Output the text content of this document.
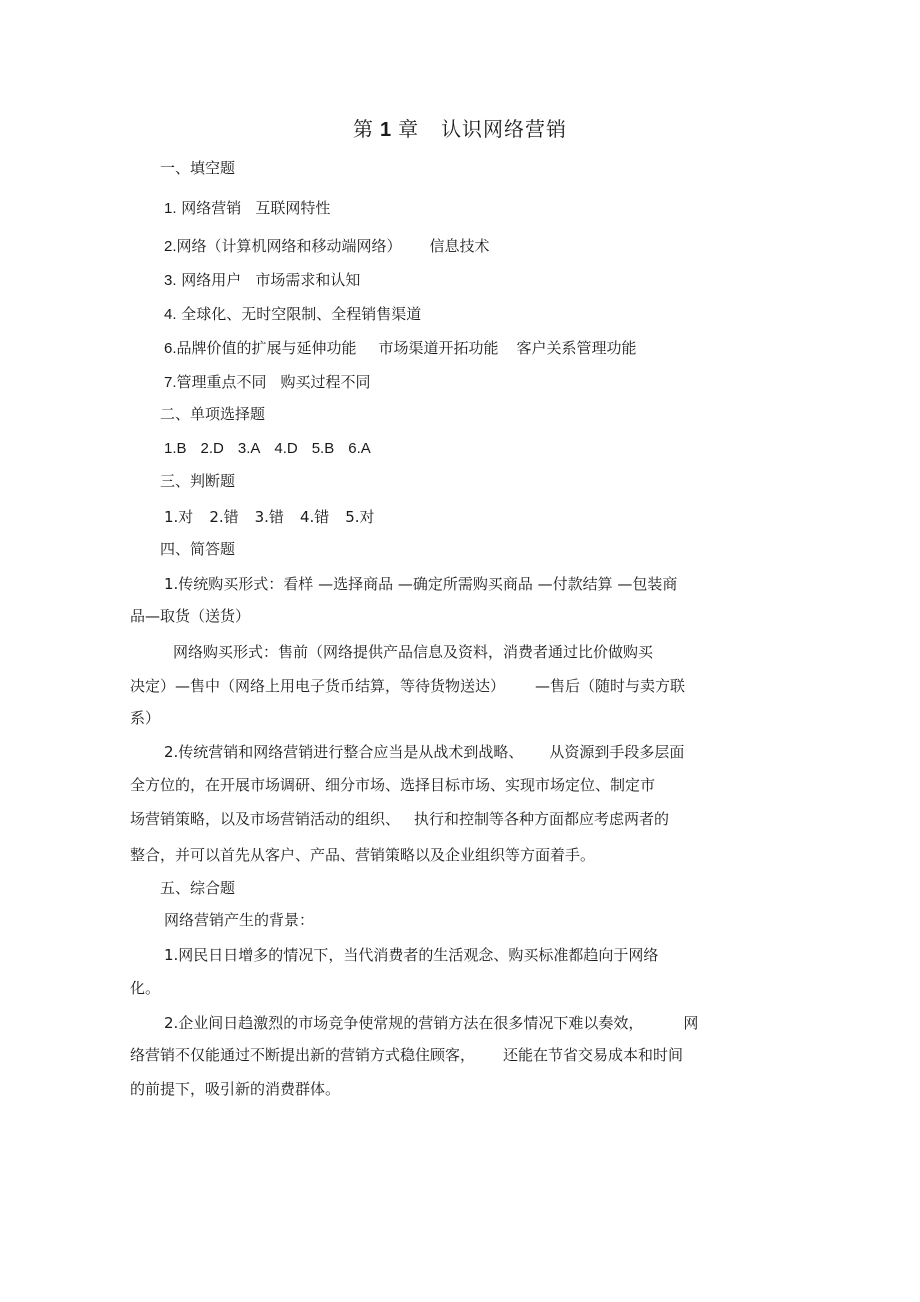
第 1 章 认识网络营销
一、填空题
1. 网络营销 互联网特性
2.网络（计算机网络和移动端网络） 信息技术
3. 网络用户 市场需求和认知
4. 全球化、无时空限制、全程销售渠道
6.品牌价值的扩展与延伸功能 市场渠道开拓功能 客户关系管理功能
7.管理重点不同 购买过程不同
二、单项选择题
1.B 2.D 3.A 4.D 5.B 6.A
三、判断题
1.对 2.错 3.错 4.错 5.对
四、简答题
1.传统购买形式：看样 —选择商品 —确定所需购买商品 —付款结算 —包装商
品—取货（送货）
网络购买形式：售前（网络提供产品信息及资料，消费者通过比价做购买
决定）—售中（网络上用电子货币结算，等待货物送达） —售后（随时与卖方联
系）
2.传统营销和网络营销进行整合应当是从战术到战略、 从资源到手段多层面
全方位的，在开展市场调研、细分市场、选择目标市场、实现市场定位、制定市
场营销策略，以及市场营销活动的组织、 执行和控制等各种方面都应考虑两者的
整合，并可以首先从客户、产品、营销策略以及企业组织等方面着手。
五、综合题
网络营销产生的背景：
1.网民日日增多的情况下，当代消费者的生活观念、购买标准都趋向于网络
化。
2.企业间日趋激烈的市场竞争使常规的营销方法在很多情况下难以奏效，	网
络营销不仅能通过不断提出新的营销方式稳住顾客， 还能在节省交易成本和时间
的前提下，吸引新的消费群体。
